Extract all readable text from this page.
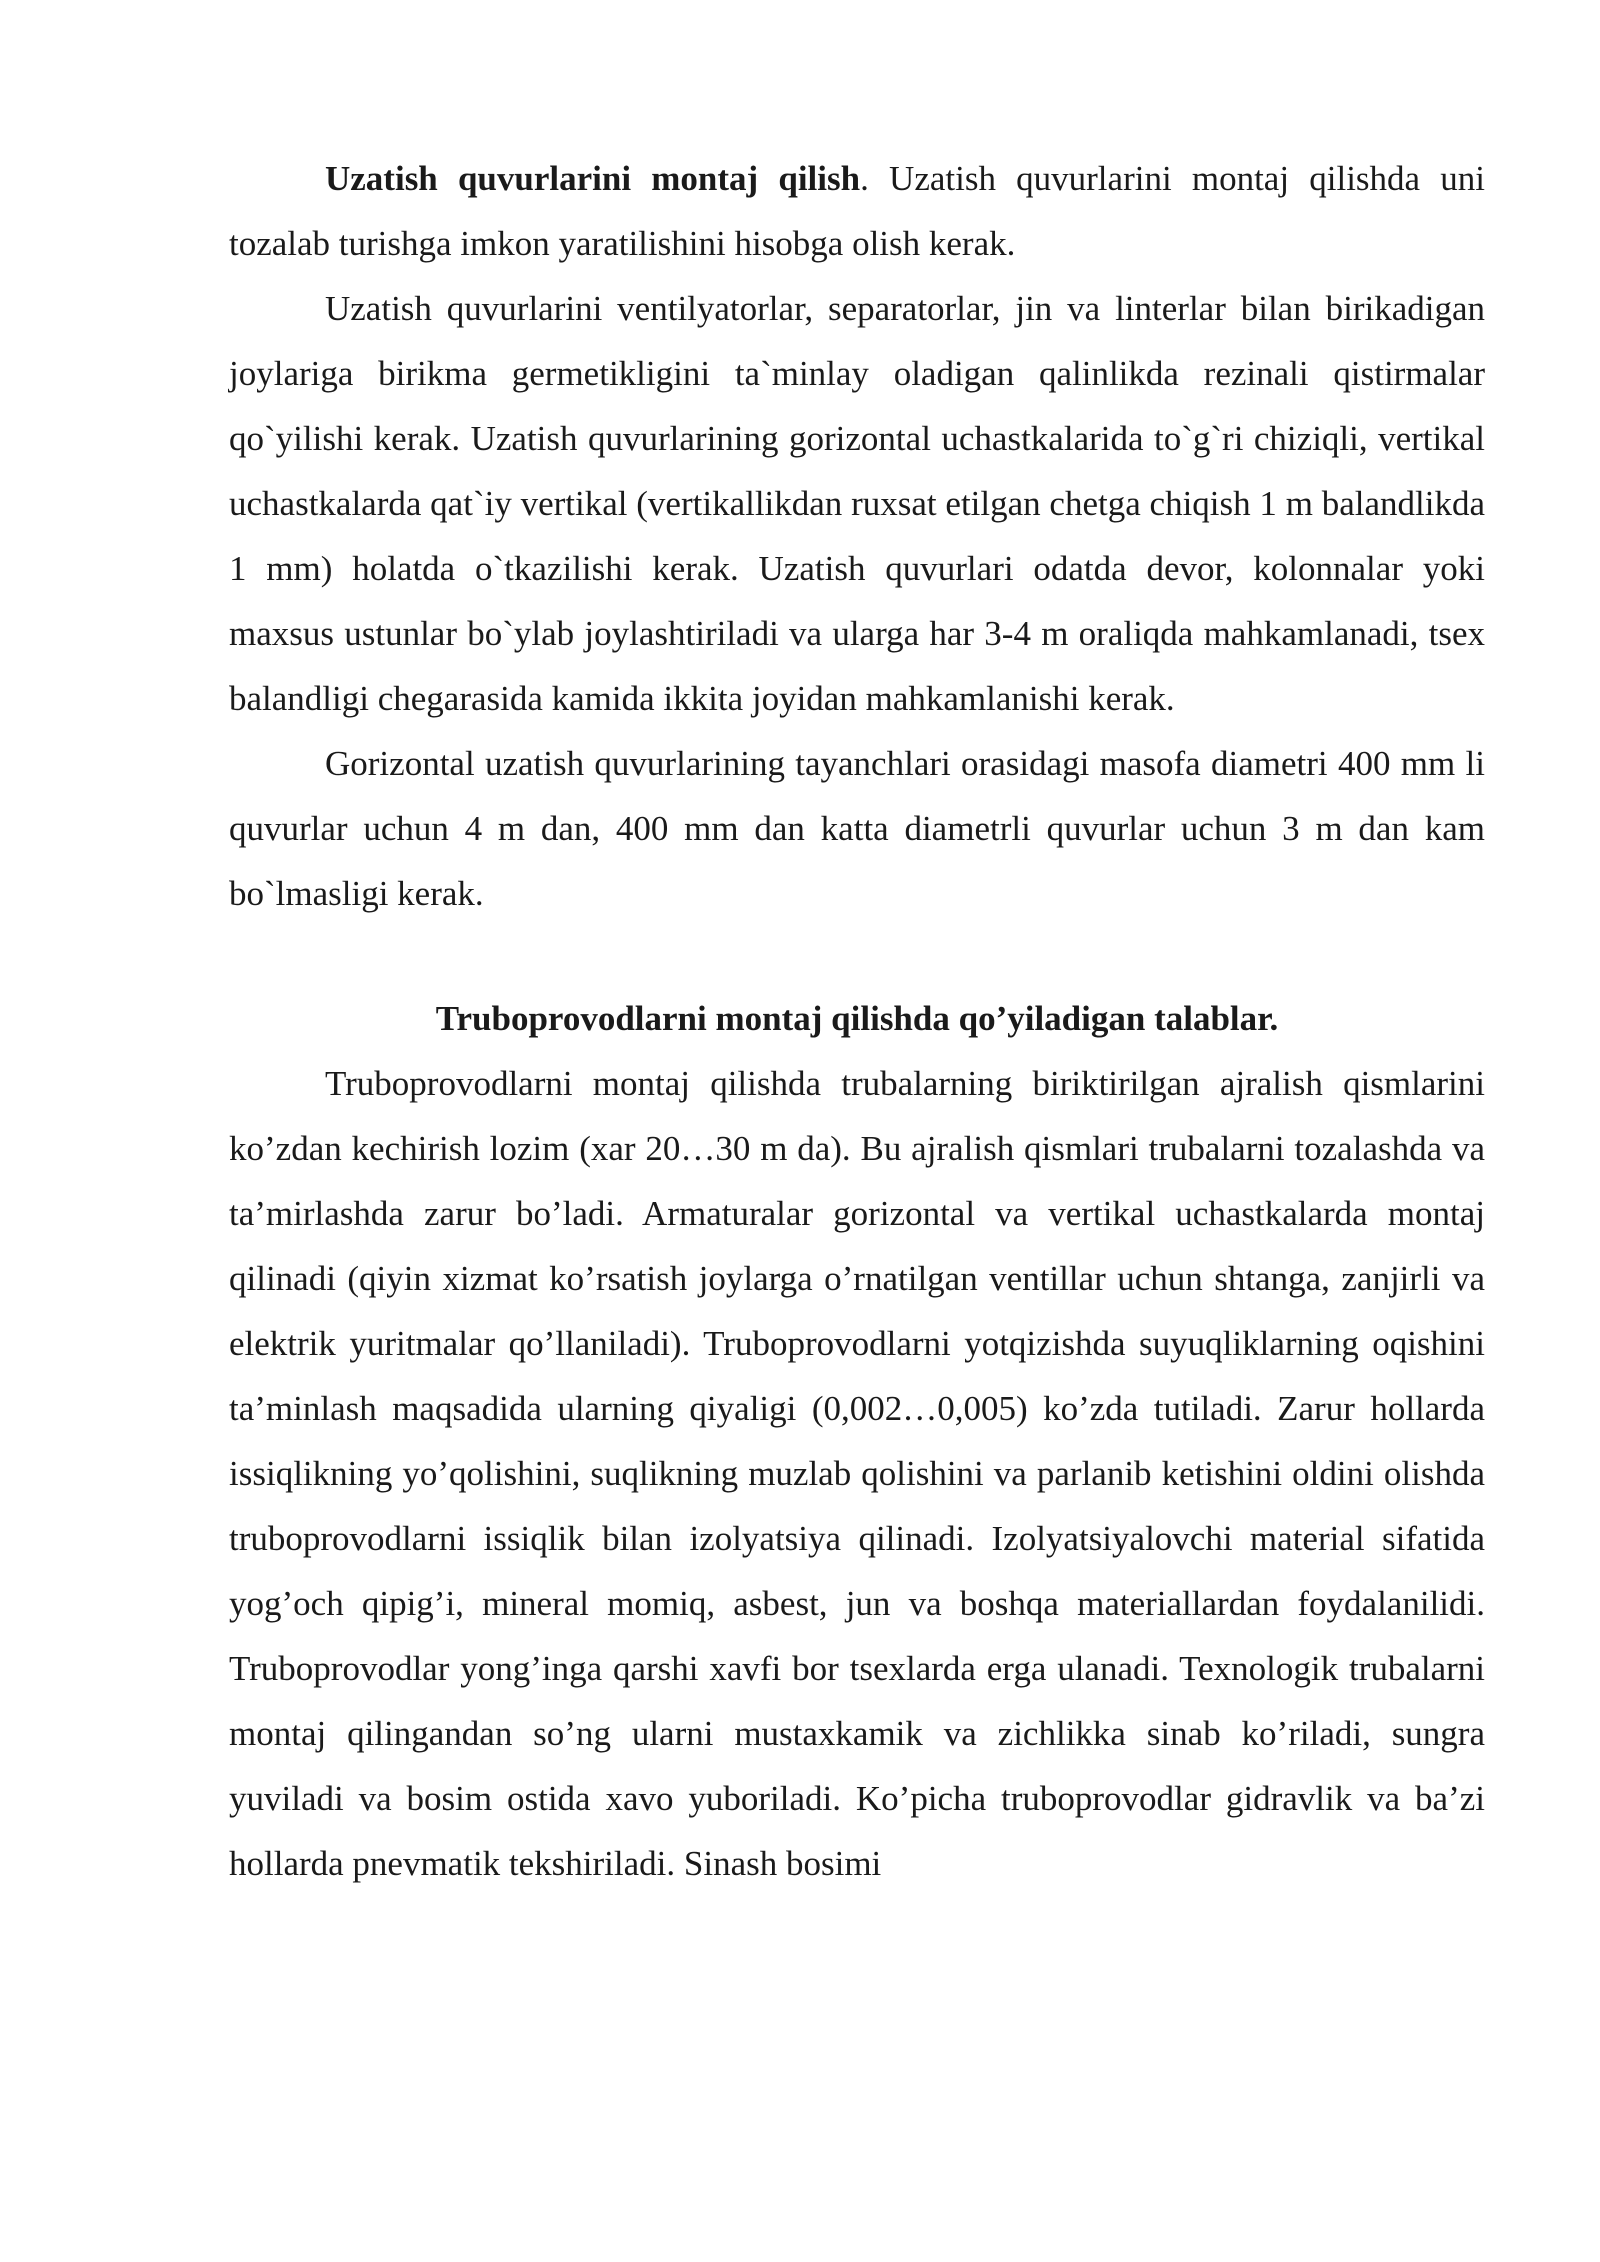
Uzatish quvurlarini montaj qilish. Uzatish quvurlarini montaj qilishda uni tozalab turishga imkon yaratilishini hisobga olish kerak.

Uzatish quvurlarini ventilyatorlar, separatorlar, jin va linterlar bilan birikadigan joylariga birikma germetikligini ta`minlay oladigan qalinlikda rezinali qistirmalar qo`yilishi kerak. Uzatish quvurlarining gorizontal uchastkalarida to`g`ri chiziqli, vertikal uchastkalarda qat`iy vertikal (vertikallikdan ruxsat etilgan chetga chiqish 1 m balandlikda 1 mm) holatda o`tkazilishi kerak. Uzatish quvurlari odatda devor, kolonnalar yoki maxsus ustunlar bo`ylab joylashtiriladi va ularga har 3-4 m oraliqda mahkamlanadi, tsex balandligi chegarasida kamida ikkita joyidan mahkamlanishi kerak.

Gorizontal uzatish quvurlarining tayanchlari orasidagi masofa diametri 400 mm li quvurlar uchun 4 m dan, 400 mm dan katta diametrli quvurlar uchun 3 m dan kam bo`lmasligi kerak.

Truboprovodlarni montaj qilishda qo’yiladigan talablar.

Truboprovodlarni montaj qilishda trubalarning biriktirilgan ajralish qismlarini ko’zdan kechirish lozim (xar 20…30 m da). Bu ajralish qismlari trubalarni tozalashda va ta’mirlashda zarur bo’ladi. Armaturalar gorizontal va vertikal uchastkalarda montaj qilinadi (qiyin xizmat ko’rsatish joylarga o’rnatilgan ventillar uchun shtanga, zanjirli va elektrik yuritmalar qo’llaniladi). Truboprovodlarni yotqizishda suyuqliklarning oqishini ta’minlash maqsadida ularning qiyaligi (0,002…0,005) ko’zda tutiladi. Zarur hollarda issiqlikning yo’qolishini, suqlikning muzlab qolishini va parlanib ketishini oldini olishda truboprovodlarni issiqlik bilan izolyatsiya qilinadi. Izolyatsiyalovchi material sifatida yog’och qipig’i, mineral momiq, asbest, jun va boshqa materiallardan foydalanilidi. Truboprovodlar yong’inga qarshi xavfi bor tsexlarda erga ulanadi. Texnologik trubalarni montaj qilingandan so’ng ularni mustaxkamik va zichlikka sinab ko’riladi, sungra yuviladi va bosim ostida xavo yuboriladi. Ko’picha truboprovodlar gidravlik va ba’zi hollarda pnevmatik tekshiriladi. Sinash bosimi
